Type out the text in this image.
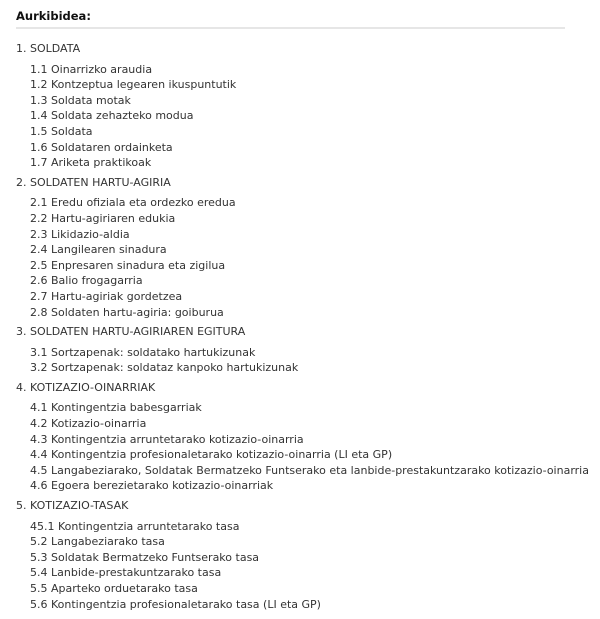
Aurkibidea:
1. SOLDATA
1.1 Oinarrizko araudia
1.2 Kontzeptua legearen ikuspuntutik
1.3 Soldata motak
1.4 Soldata zehazteko modua
1.5 Soldata
1.6 Soldataren ordainketa
1.7 Ariketa praktikoak
2. SOLDATEN HARTU-AGIRIA
2.1 Eredu ofiziala eta ordezko eredua
2.2 Hartu-agiriaren edukia
2.3 Likidazio-aldia
2.4 Langilearen sinadura
2.5 Enpresaren sinadura eta zigilua
2.6 Balio frogagarria
2.7 Hartu-agiriak gordetzea
2.8 Soldaten hartu-agiria: goiburua
3. SOLDATEN HARTU-AGIRIAREN EGITURA
3.1 Sortzapenak: soldatako hartukizunak
3.2 Sortzapenak: soldataz kanpoko hartukizunak
4. KOTIZAZIO-OINARRIAK
4.1 Kontingentzia babesgarriak
4.2 Kotizazio-oinarria
4.3 Kontingentzia arruntetarako kotizazio-oinarria
4.4 Kontingentzia profesionaletarako kotizazio-oinarria (LI eta GP)
4.5 Langabeziarako, Soldatak Bermatzeko Funtserako eta lanbide-prestakuntzarako kotizazio-oinarria
4.6 Egoera berezietarako kotizazio-oinarriak
5. KOTIZAZIO-TASAK
45.1 Kontingentzia arruntetarako tasa
5.2 Langabeziarako tasa
5.3 Soldatak Bermatzeko Funtserako tasa
5.4 Lanbide-prestakuntzarako tasa
5.5 Aparteko orduetarako tasa
5.6 Kontingentzia profesionaletarako tasa (LI eta GP)
